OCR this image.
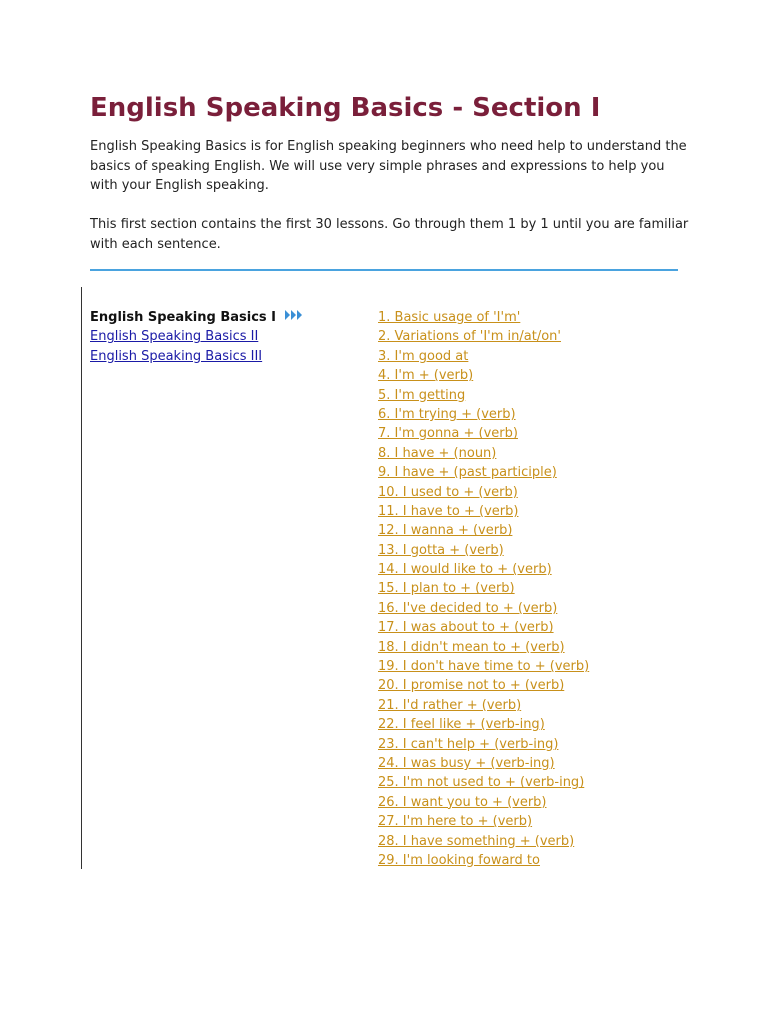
English Speaking Basics - Section I

English Speaking Basics is for English speaking beginners who need help to understand the basics of speaking English. We will use very simple phrases and expressions to help you with your English speaking.

This first section contains the first 30 lessons. Go through them 1 by 1 until you are familiar with each sentence.

English Speaking Basics I
English Speaking Basics II
English Speaking Basics III
1. Basic usage of 'I'm'
2. Variations of 'I'm in/at/on'
3. I'm good at
4. I'm + (verb)
5. I'm getting
6. I'm trying + (verb)
7. I'm gonna + (verb)
8. I have + (noun)
9. I have + (past participle)
10. I used to + (verb)
11. I have to + (verb)
12. I wanna + (verb)
13. I gotta + (verb)
14. I would like to + (verb)
15. I plan to + (verb)
16. I've decided to + (verb)
17. I was about to + (verb)
18. I didn't mean to + (verb)
19. I don't have time to + (verb)
20. I promise not to + (verb)
21. I'd rather + (verb)
22. I feel like + (verb-ing)
23. I can't help + (verb-ing)
24. I was busy + (verb-ing)
25. I'm not used to + (verb-ing)
26. I want you to + (verb)
27. I'm here to + (verb)
28. I have something + (verb)
29. I'm looking foward to
